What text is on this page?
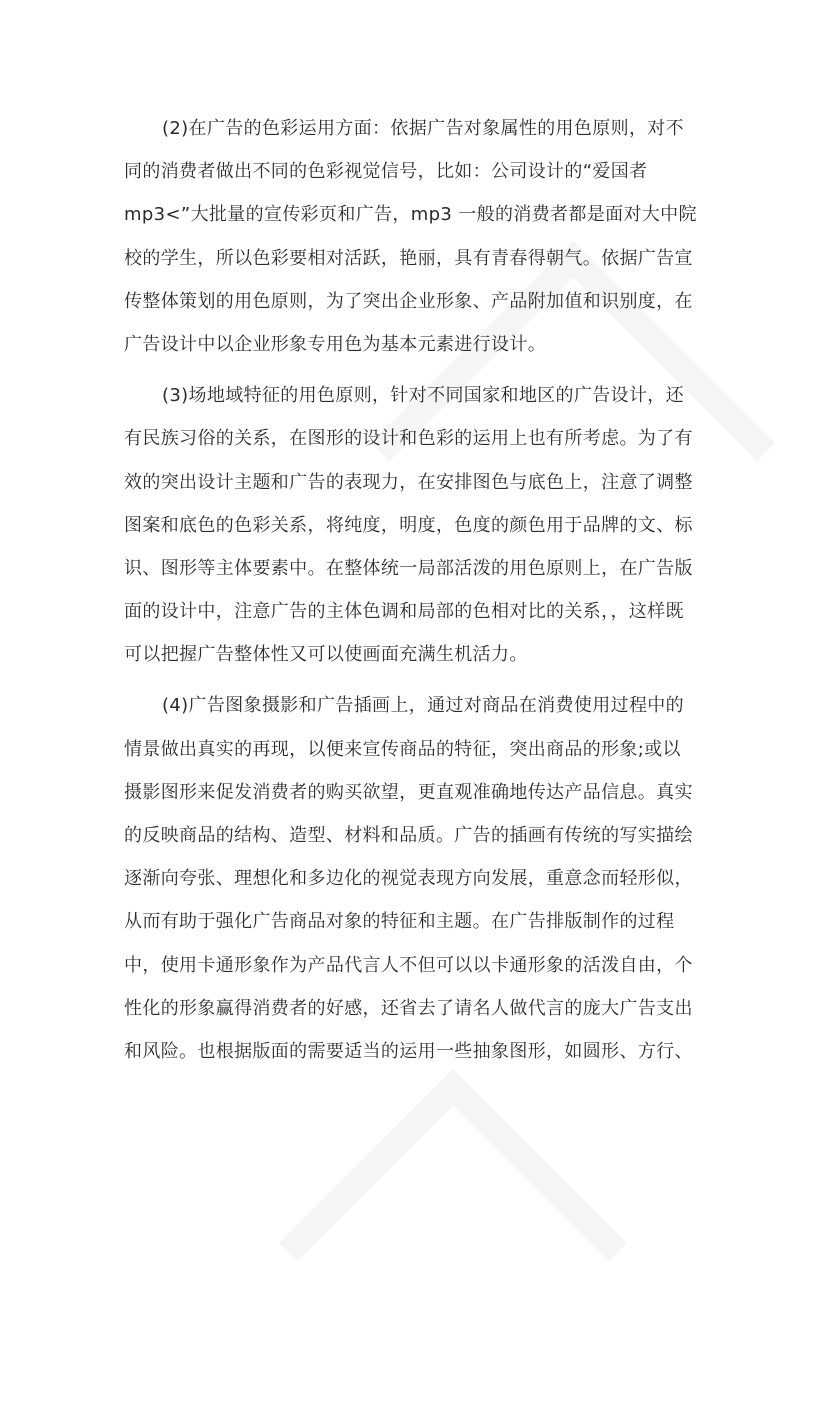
(2)在广告的色彩运用方面：依据广告对象属性的用色原则，对不
同的消费者做出不同的色彩视觉信号，比如：公司设计的“爱国者
mp3<”大批量的宣传彩页和广告，mp3 一般的消费者都是面对大中院
校的学生，所以色彩要相对活跃，艳丽，具有青春得朝气。依据广告宣
传整体策划的用色原则，为了突出企业形象、产品附加值和识别度，在
广告设计中以企业形象专用色为基本元素进行设计。
(3)场地域特征的用色原则，针对不同国家和地区的广告设计，还
有民族习俗的关系，在图形的设计和色彩的运用上也有所考虑。为了有
效的突出设计主题和广告的表现力，在安排图色与底色上，注意了调整
图案和底色的色彩关系，将纯度，明度，色度的颜色用于品牌的文、标
识、图形等主体要素中。在整体统一局部活泼的用色原则上，在广告版
面的设计中，注意广告的主体色调和局部的色相对比的关系，，这样既
可以把握广告整体性又可以使画面充满生机活力。
(4)广告图象摄影和广告插画上，通过对商品在消费使用过程中的
情景做出真实的再现，以便来宣传商品的特征，突出商品的形象;或以
摄影图形来促发消费者的购买欲望，更直观准确地传达产品信息。真实
的反映商品的结构、造型、材料和品质。广告的插画有传统的写实描绘
逐渐向夸张、理想化和多边化的视觉表现方向发展，重意念而轻形似，
从而有助于强化广告商品对象的特征和主题。在广告排版制作的过程
中，使用卡通形象作为产品代言人不但可以以卡通形象的活泼自由，个
性化的形象赢得消费者的好感，还省去了请名人做代言的庞大广告支出
和风险。也根据版面的需要适当的运用一些抽象图形，如圆形、方行、
